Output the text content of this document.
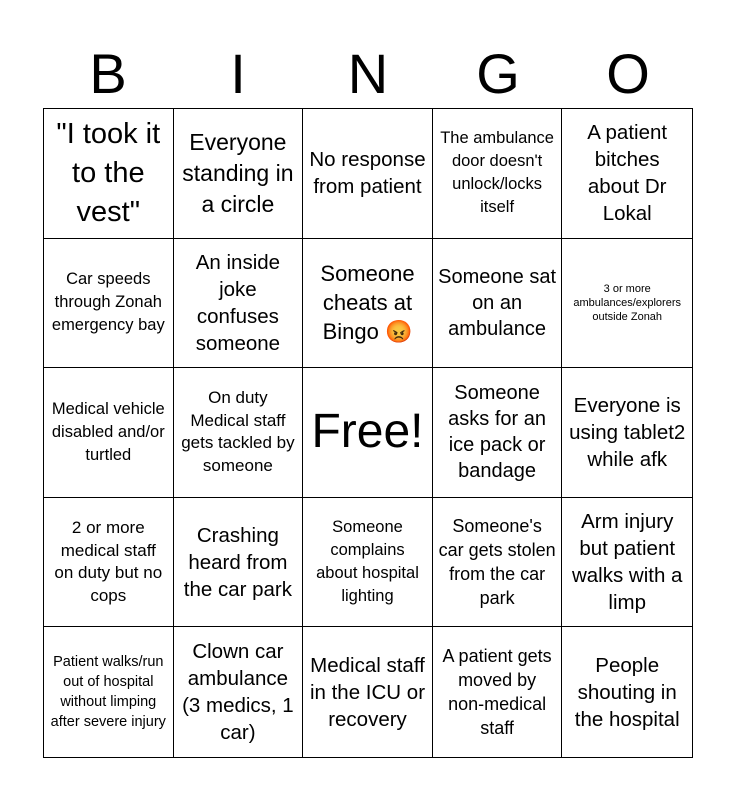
B	I	N	G	O
"I took it to the vest"
Everyone standing in a circle
No response from patient
The ambulance door doesn't unlock/locks itself
A patient bitches about Dr Lokal
Car speeds through Zonah emergency bay
An inside joke confuses someone
Someone cheats at Bingo 😡
Someone sat on an ambulance
3 or more ambulances/explorers outside Zonah
Medical vehicle disabled and/or turtled
On duty Medical staff gets tackled by someone
Free!
Someone asks for an ice pack or bandage
Everyone is using tablet2 while afk
2 or more medical staff on duty but no cops
Crashing heard from the car park
Someone complains about hospital lighting
Someone's car gets stolen from the car park
Arm injury but patient walks with a limp
Patient walks/run out of hospital without limping after severe injury
Clown car ambulance (3 medics, 1 car)
Medical staff in the ICU or recovery
A patient gets moved by non-medical staff
People shouting in the hospital
